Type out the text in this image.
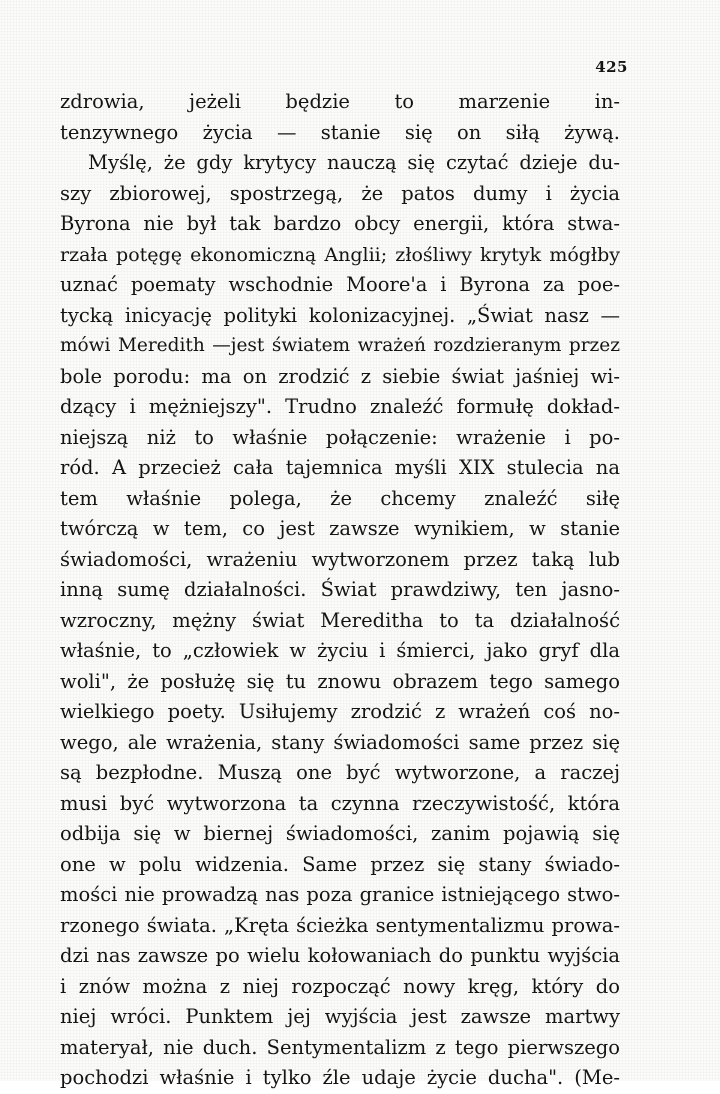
425
zdrowia, jeżeli będzie to marzenie in-
tenzywnego życia — stanie się on siłą żywą.
Myślę, że gdy krytycy nauczą się czytać dzieje du-
szy zbiorowej, spostrzegą, że patos dumy i życia
Byrona nie był tak bardzo obcy energii, która stwa-
rzała potęgę ekonomiczną Anglii; złośliwy krytyk mógłby
uznać poematy wschodnie Moore'a i Byrona za poe-
tycką inicyację polityki kolonizacyjnej. „Świat nasz —
mówi Meredith —jest światem wrażeń rozdzieranym przez
bole porodu: ma on zrodzić z siebie świat jaśniej wi-
dzący i mężniejszy". Trudno znaleźć formułę dokład-
niejszą niż to właśnie połączenie: wrażenie i po-
ród. A przecież cała tajemnica myśli XIX stulecia na
tem właśnie polega, że chcemy znaleźć siłę
twórczą w tem, co jest zawsze wynikiem, w stanie
świadomości, wrażeniu wytworzonem przez taką lub
inną sumę działalności. Świat prawdziwy, ten jasno-
wzroczny, mężny świat Mereditha to ta działalność
właśnie, to „człowiek w życiu i śmierci, jako gryf dla
woli", że posłużę się tu znowu obrazem tego samego
wielkiego poety. Usiłujemy zrodzić z wrażeń coś no-
wego, ale wrażenia, stany świadomości same przez się
są bezpłodne. Muszą one być wytworzone, a raczej
musi być wytworzona ta czynna rzeczywistość, która
odbija się w biernej świadomości, zanim pojawią się
one w polu widzenia. Same przez się stany świado-
mości nie prowadzą nas poza granice istniejącego stwo-
rzonego świata. „Kręta ścieżka sentymentalizmu prowa-
dzi nas zawsze po wielu kołowaniach do punktu wyjścia
i znów można z niej rozpocząć nowy kręg, który do
niej wróci. Punktem jej wyjścia jest zawsze martwy
materyał, nie duch. Sentymentalizm z tego pierwszego
pochodzi właśnie i tylko źle udaje życie ducha". (Me-
